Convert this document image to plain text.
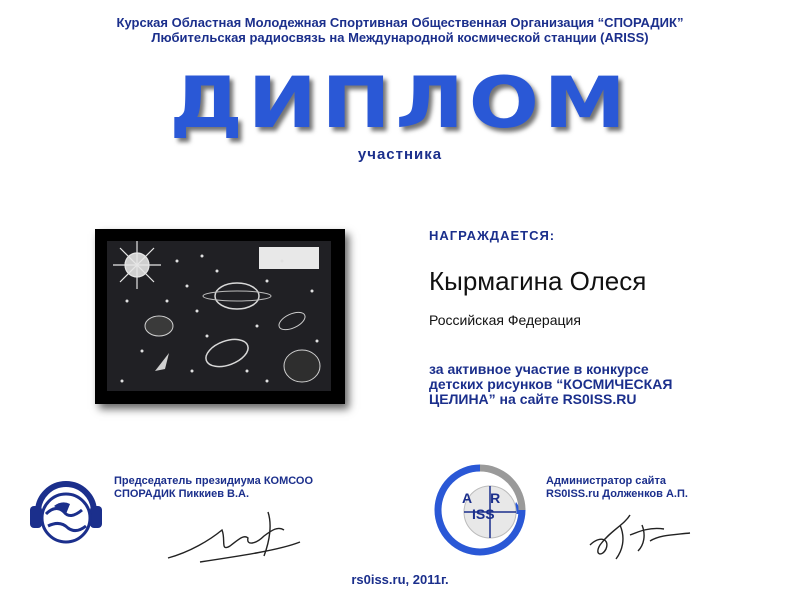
Курская Областная Молодежная Спортивная Общественная Организация “СПОРАДИК”
Любительская радиосвязь на Международной космической станции (ARISS)
ДИПЛОМ
участника
НАГРАЖДАЕТСЯ:
Кырмагина Олеся
Российская Федерация
за активное участие в конкурсе
детских рисунков “КОСМИЧЕСКАЯ
ЦЕЛИНА” на сайте RS0ISS.RU
Председатель президиума КОМСОО
СПОРАДИК Пиккиев В.А.	A R
ISS
Администратор сайта
RS0ISS.ru Долженков А.П.
rs0iss.ru, 2011г.
